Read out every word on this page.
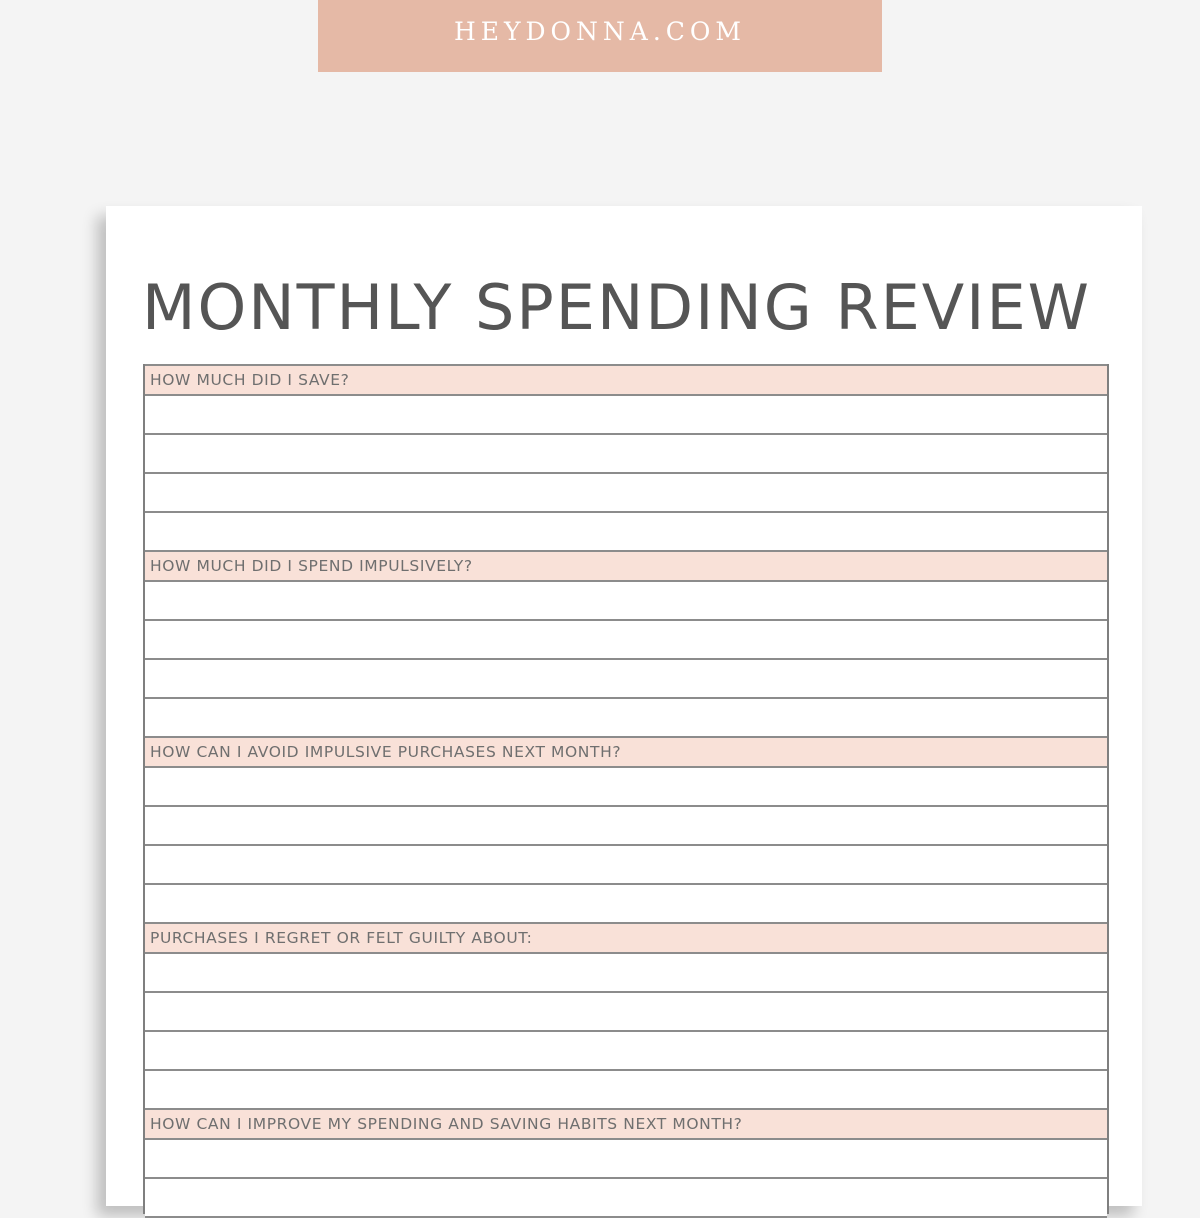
HEYDONNA.COM
MONTHLY SPENDING REVIEW
HOW MUCH DID I SAVE?
HOW MUCH DID I SPEND IMPULSIVELY?
HOW CAN I AVOID IMPULSIVE PURCHASES NEXT MONTH?
PURCHASES I REGRET OR FELT GUILTY ABOUT:
HOW CAN I IMPROVE MY SPENDING AND SAVING HABITS NEXT MONTH?
